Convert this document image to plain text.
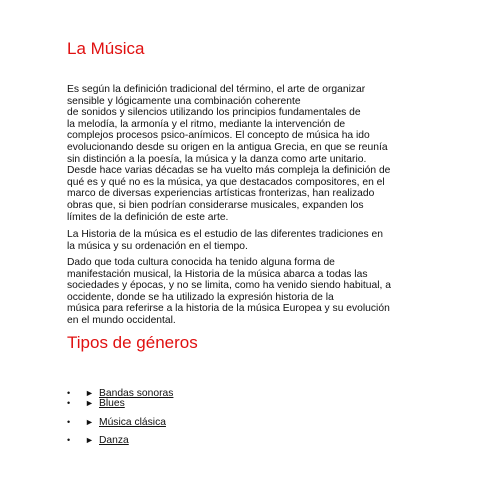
La Música

Es según la definición tradicional del término, el arte de organizar
sensible y lógicamente una combinación coherente
de sonidos y silencios utilizando los principios fundamentales de
la melodía, la armonía y el ritmo, mediante la intervención de
complejos procesos psico-anímicos. El concepto de música ha ido
evolucionando desde su origen en la antigua Grecia, en que se reunía
sin distinción a la poesía, la música y la danza como arte unitario.
Desde hace varias décadas se ha vuelto más compleja la definición de
qué es y qué no es la música, ya que destacados compositores, en el
marco de diversas experiencias artísticas fronterizas, han realizado
obras que, si bien podrían considerarse musicales, expanden los
límites de la definición de este arte.

La Historia de la música es el estudio de las diferentes tradiciones en
la música y su ordenación en el tiempo.

Dado que toda cultura conocida ha tenido alguna forma de
manifestación musical, la Historia de la música abarca a todas las
sociedades y épocas, y no se limita, como ha venido siendo habitual, a
occidente, donde se ha utilizado la expresión historia de la
música para referirse a la historia de la música Europea y su evolución
en el mundo occidental.

Tipos de géneros
• ► Bandas sonoras
• ► Blues
• ► Música clásica
• ► Danza
